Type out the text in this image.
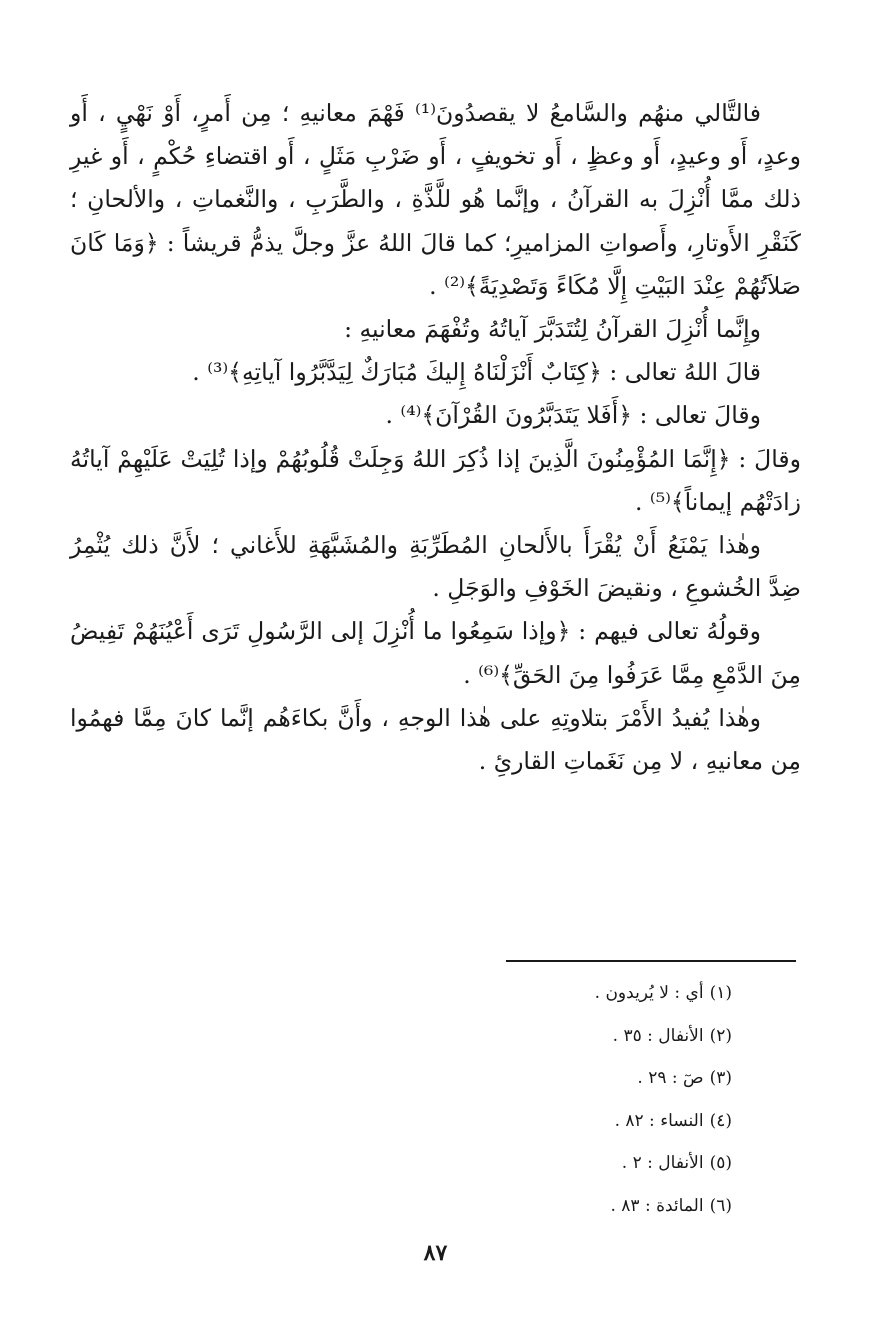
فالتَّالي منهُم والسَّامعُ لا يقصدُونَ⁽¹⁾ فَهْمَ معانيهِ ؛ مِن أَمرٍ، أَوْ نَهْيٍ ، أَو وعدٍ، أَو وعيدٍ، أَو وعظٍ ، أَو تخويفٍ ، أَو ضَرْبِ مَثَلٍ ، أَو اقتضاءِ حُكْمٍ ، أَو غيرِ ذلك ممَّا أُنْزِلَ به القرآنُ ، وإنَّما هُو للَّذَّةِ ، والطَّرَبِ ، والنَّغماتِ ، والألحانِ ؛ كَنَقْرِ الأَوتارِ، وأَصواتِ المزاميرِ؛ كما قالَ اللهُ عزَّ وجلَّ يذمُّ قريشاً : ﴿وَمَا كَانَ صَلاَتُهُمْ عِنْدَ البَيْتِ إِلَّا مُكَاءً وَتَصْدِيَةً﴾⁽²⁾ .

وإِنَّما أُنْزِلَ القرآنُ لِتُتَدَبَّرَ آياتُهُ وتُفْهَمَ معانيهِ :

قالَ اللهُ تعالى : ﴿كِتَابٌ أَنْزَلْنَاهُ إِليكَ مُبَارَكٌ لِيَدَّبَّرُوا آياتِهِ﴾⁽³⁾ .

وقالَ تعالى : ﴿أَفَلا يَتَدَبَّرُونَ القُرْآنَ﴾⁽⁴⁾ .

وقالَ : ﴿إِنَّمَا المُؤْمِنُونَ الَّذِينَ إذا ذُكِرَ اللهُ وَجِلَتْ قُلُوبُهُمْ وإذا تُلِيَتْ عَلَيْهِمْ آياتُهُ زادَتْهُم إيماناً﴾⁽⁵⁾ .

وهٰذا يَمْنَعُ أَنْ يُقْرَأَ بالأَلحانِ المُطَرِّبَةِ والمُشَبَّهَةِ للأَغاني ؛ لأَنَّ ذلك يُثْمِرُ ضِدَّ الخُشوعِ ، ونقيضَ الخَوْفِ والوَجَلِ .

وقولُهُ تعالى فيهم : ﴿وإذا سَمِعُوا ما أُنْزِلَ إلى الرَّسُولِ تَرَى أَعْيُنَهُمْ تَفِيضُ مِنَ الدَّمْعِ مِمَّا عَرَفُوا مِنَ الحَقِّ﴾⁽⁶⁾ .

وهٰذا يُفيدُ الأَمْرَ بتلاوتِهِ على هٰذا الوجهِ ، وأَنَّ بكاءَهُم إنَّما كانَ مِمَّا فهمُوا مِن معانيهِ ، لا مِن نَغَماتِ القارئِ .

(١)أي : لا يُريدون .
(٢)الأنفال : ٣٥ .
(٣)صٓ : ٢٩ .
(٤)النساء : ٨٢ .
(٥)الأنفال : ٢ .
(٦)المائدة : ٨٣ .
٨٧
